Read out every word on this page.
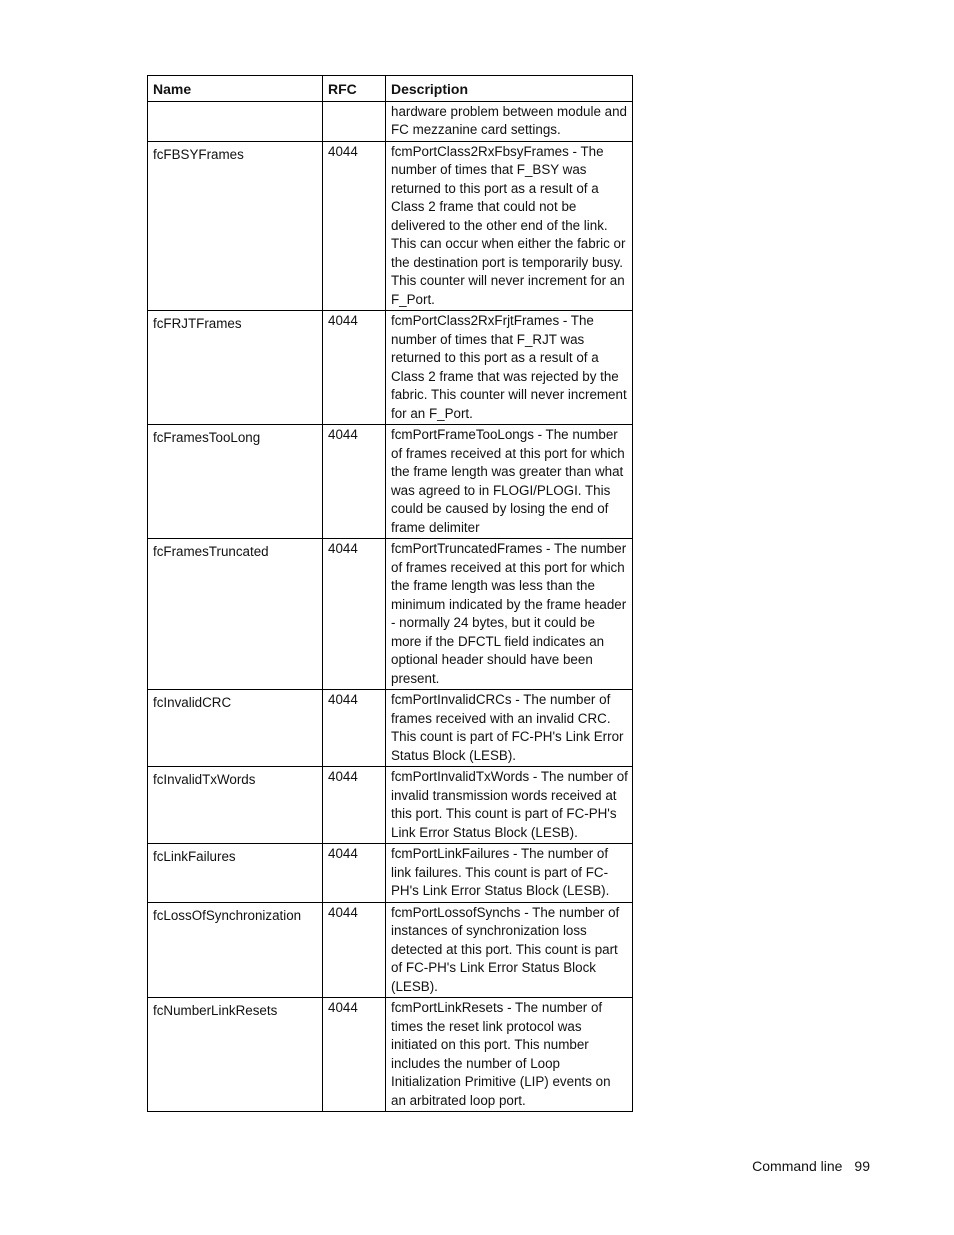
Name	RFC	Description
		hardware problem between module and FC mezzanine card settings.
fcFBSYFrames	4044	fcmPortClass2RxFbsyFrames - The number of times that F_BSY was returned to this port as a result of a Class 2 frame that could not be delivered to the other end of the link. This can occur when either the fabric or the destination port is temporarily busy. This counter will never increment for an F_Port.
fcFRJTFrames	4044	fcmPortClass2RxFrjtFrames - The number of times that F_RJT was returned to this port as a result of a Class 2 frame that was rejected by the fabric. This counter will never increment for an F_Port.
fcFramesTooLong	4044	fcmPortFrameTooLongs - The number of frames received at this port for which the frame length was greater than what was agreed to in FLOGI/PLOGI. This could be caused by losing the end of frame delimiter
fcFramesTruncated	4044	fcmPortTruncatedFrames - The number of frames received at this port for which the frame length was less than the minimum indicated by the frame header - normally 24 bytes, but it could be more if the DFCTL field indicates an optional header should have been present.
fcInvalidCRC	4044	fcmPortInvalidCRCs - The number of frames received with an invalid CRC. This count is part of FC-PH's Link Error Status Block (LESB).
fcInvalidTxWords	4044	fcmPortInvalidTxWords - The number of invalid transmission words received at this port. This count is part of FC-PH's Link Error Status Block (LESB).
fcLinkFailures	4044	fcmPortLinkFailures - The number of link failures. This count is part of FC-PH's Link Error Status Block (LESB).
fcLossOfSynchronization	4044	fcmPortLossofSynchs - The number of instances of synchronization loss detected at this port. This count is part of FC-PH's Link Error Status Block (LESB).
fcNumberLinkResets	4044	fcmPortLinkResets - The number of times the reset link protocol was initiated on this port. This number includes the number of Loop Initialization Primitive (LIP) events on an arbitrated loop port.
Command line 99
